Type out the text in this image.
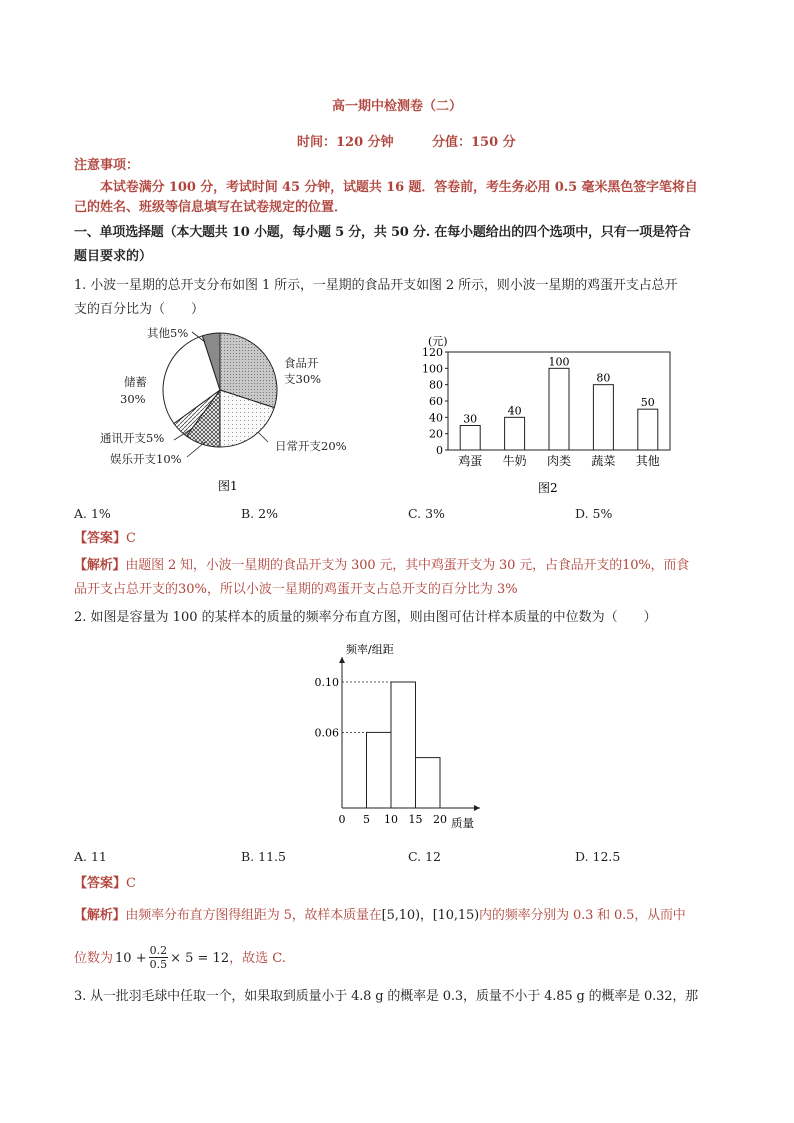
高一期中检测卷（二）
时间：120 分钟	分值：150 分
注意事项：
本试卷满分 100 分，考试时间 45 分钟，试题共 16 题．答卷前，考生务必用 0.5 毫米黑色签字笔将自
己的姓名、班级等信息填写在试卷规定的位置．
一、单项选择题（本大题共 10 小题，每小题 5 分，共 50 分. 在每小题给出的四个选项中，只有一项是符合
题目要求的）
1. 小波一星期的总开支分布如图 1 所示，一星期的食品开支如图 2 所示，则小波一星期的鸡蛋开支占总开
支的百分比为（　　）
食品开
支30%
日常开支20%
娱乐开支10%
通讯开支5%
储蓄
30%
其他5%
图1
0
20
40
60
80
100
120
30
鸡蛋
40
牛奶
100
肉类
80
蔬菜
50
其他
(元)
图2
A. 1%	B. 2%	C. 3%	D. 5%
【答案】C
【解析】由题图 2 知，小波一星期的食品开支为 300 元，其中鸡蛋开支为 30 元，占食品开支的10%，而食
品开支占总开支的30%，所以小波一星期的鸡蛋开支占总开支的百分比为 3%
2. 如图是容量为 100 的某样本的质量的频率分布直方图，则由图可估计样本质量的中位数为（　　）
0.06
0.10
0 5 10 15 20
频率/组距
质量
A. 11	B. 11.5	C. 12	D. 12.5
【答案】C
【解析】由频率分布直方图得组距为 5，故样本质量在[5,10)，[10,15)内的频率分别为 0.3 和 0.5，从而中
位数为 $10 + \frac{0.2}{0.5} \times 5 = 12$ ，故选 C.
3. 从一批羽毛球中任取一个，如果取到质量小于 4.8 g 的概率是 0.3，质量不小于 4.85 g 的概率是 0.32，那
